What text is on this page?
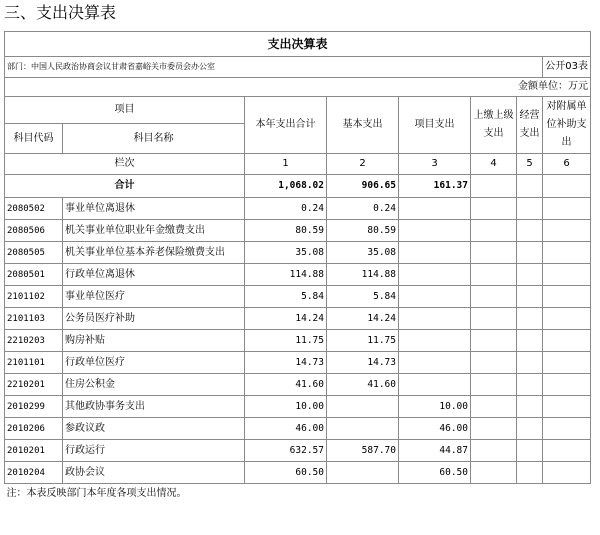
三、支出决算表
支出决算表							
部门：中国人民政治协商会议甘肃省嘉峪关市委员会办公室							公开03表
金额单位：万元							
项目		本年支出合计	基本支出	项目支出	上缴上级支出	经营支出	对附属单位补助支出
科目代码	科目名称						
栏次		1	2	3	4	5	6
合计		1,068.02	906.65	161.37			
2080502	事业单位离退休	0.24	0.24				
2080506	机关事业单位职业年金缴费支出	80.59	80.59				
2080505	机关事业单位基本养老保险缴费支出	35.08	35.08				
2080501	行政单位离退休	114.88	114.88				
2101102	事业单位医疗	5.84	5.84				
2101103	公务员医疗补助	14.24	14.24				
2210203	购房补贴	11.75	11.75				
2101101	行政单位医疗	14.73	14.73				
2210201	住房公积金	41.60	41.60				
2010299	其他政协事务支出	10.00		10.00			
2010206	参政议政	46.00		46.00			
2010201	行政运行	632.57	587.70	44.87			
2010204	政协会议	60.50		60.50			
注：本表反映部门本年度各项支出情况。							
